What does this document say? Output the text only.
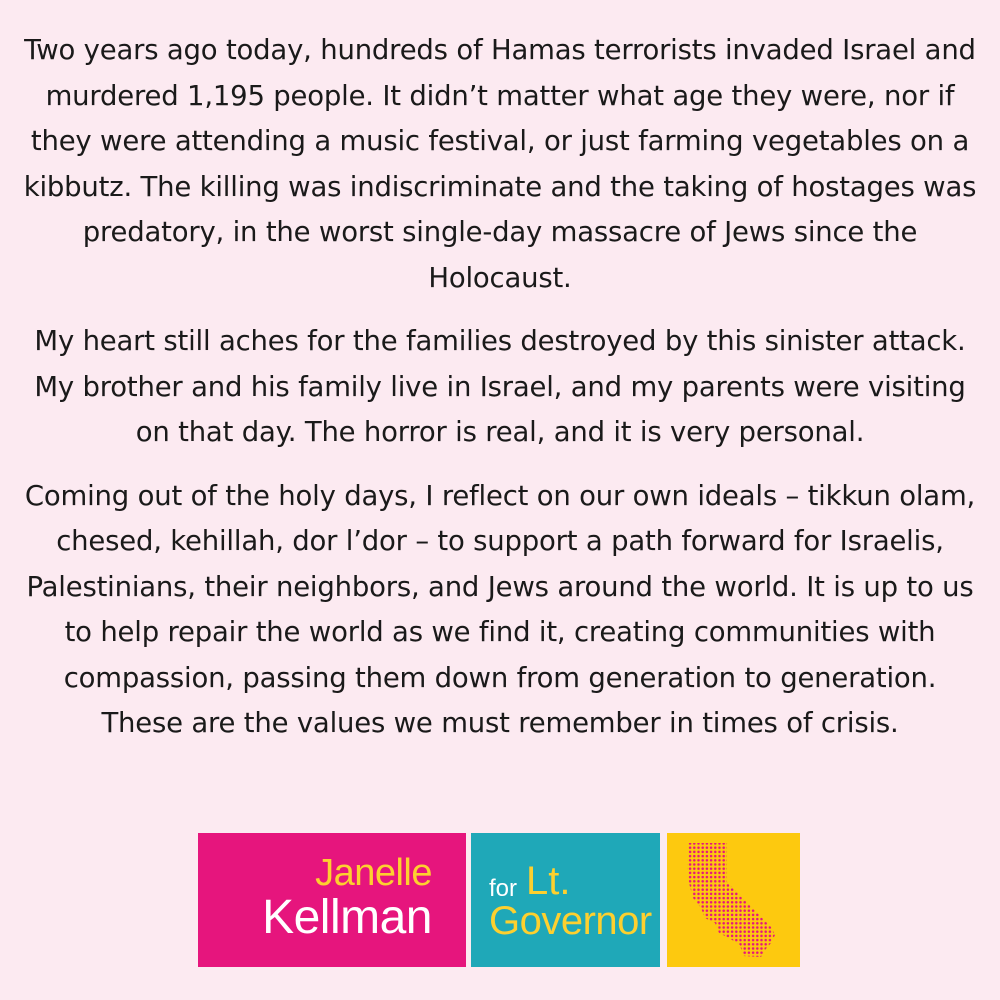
Two years ago today, hundreds of Hamas terrorists invaded Israel and murdered 1,195 people. It didn’t matter what age they were, nor if they were attending a music festival, or just farming vegetables on a kibbutz. The killing was indiscriminate and the taking of hostages was predatory, in the worst single-day massacre of Jews since the Holocaust.

My heart still aches for the families destroyed by this sinister attack. My brother and his family live in Israel, and my parents were visiting on that day. The horror is real, and it is very personal.

Coming out of the holy days, I reflect on our own ideals – tikkun olam, chesed, kehillah, dor l’dor – to support a path forward for Israelis, Palestinians, their neighbors, and Jews around the world. It is up to us to help repair the world as we find it, creating communities with compassion, passing them down from generation to generation. These are the values we must remember in times of crisis.

Janelle
Kellman
for Lt.
Governor
